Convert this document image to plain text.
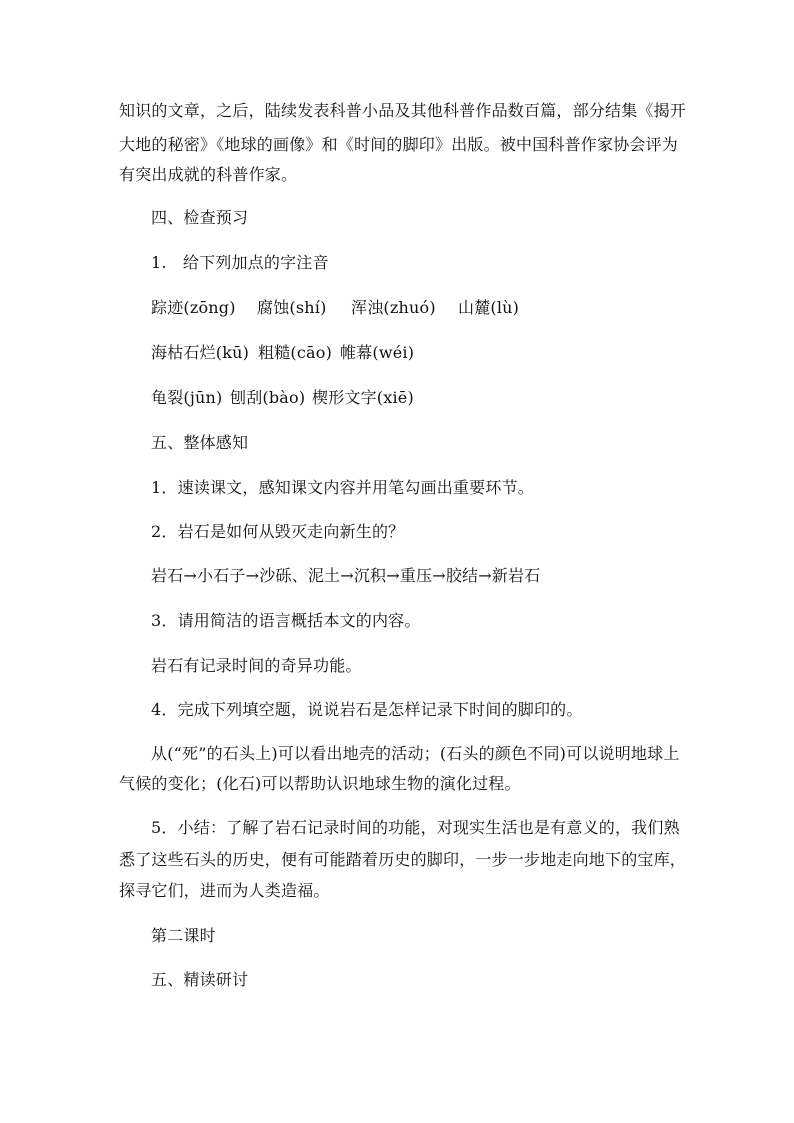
知识的文章，之后，陆续发表科普小品及其他科普作品数百篇，部分结集《揭开
大地的秘密》《地球的画像》和《时间的脚印》出版。被中国科普作家协会评为
有突出成就的科普作家。
四、检查预习
1.　给下列加点的字注音
踪迹(zōng) 腐蚀(shí) 浑浊(zhuó) 山麓(lù)
海枯石烂(kū) 粗糙(cāo) 帷幕(wéi)
龟裂(jūn) 刨刮(bào) 楔形文字(xiē)
五、整体感知
1．速读课文，感知课文内容并用笔勾画出重要环节。
2．岩石是如何从毁灭走向新生的？
岩石→小石子→沙砾、泥土→沉积→重压→胶结→新岩石
3．请用简洁的语言概括本文的内容。
岩石有记录时间的奇异功能。
4．完成下列填空题，说说岩石是怎样记录下时间的脚印的。
从(“死”的石头上)可以看出地壳的活动；(石头的颜色不同)可以说明地球上
气候的变化；(化石)可以帮助认识地球生物的演化过程。
5．小结：了解了岩石记录时间的功能，对现实生活也是有意义的，我们熟
悉了这些石头的历史，便有可能踏着历史的脚印，一步一步地走向地下的宝库，
探寻它们，进而为人类造福。
第二课时
五、精读研讨
